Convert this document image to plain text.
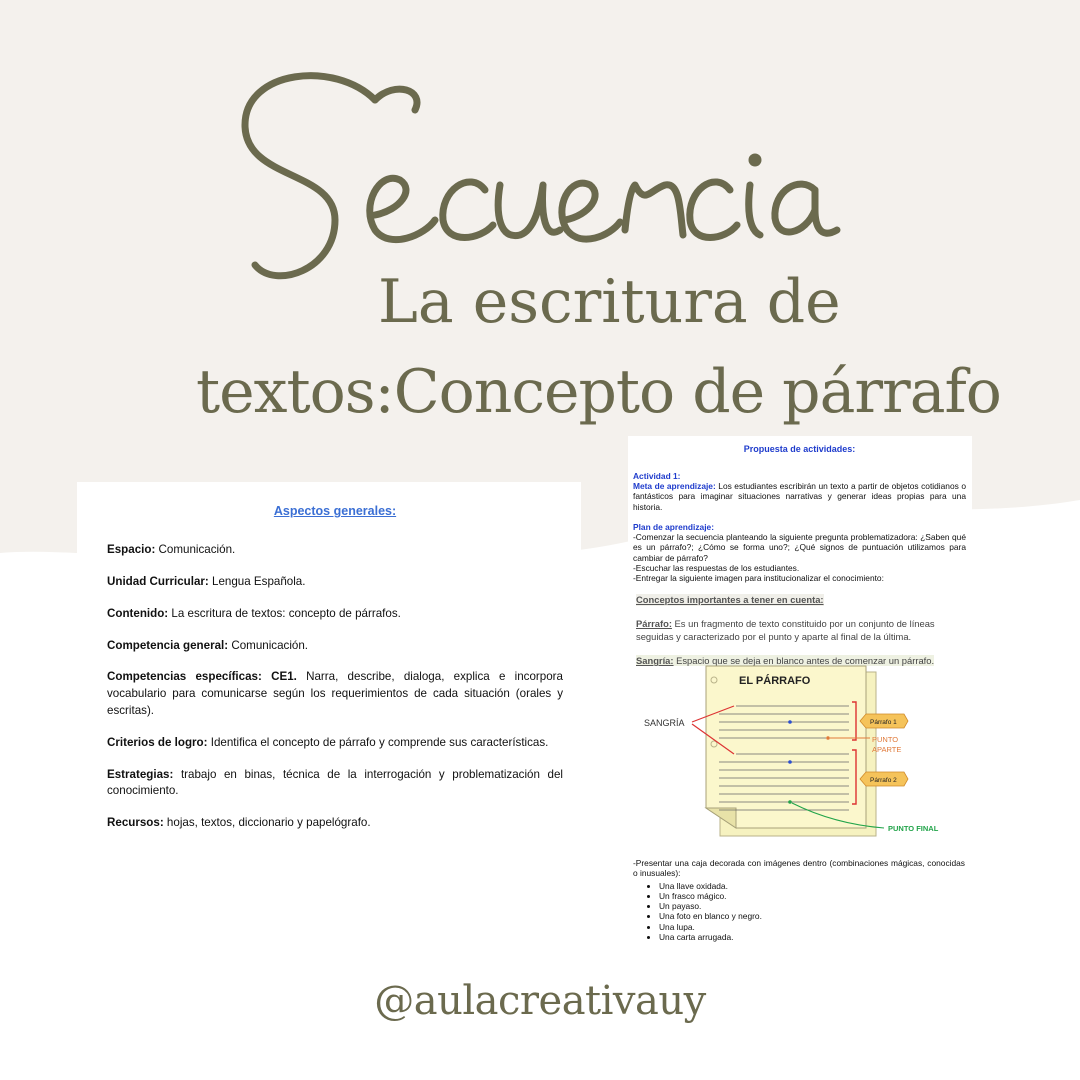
La escritura de
textos:Concepto de párrafo
Aspectos generales:

Espacio: Comunicación.

Unidad Curricular: Lengua Española.

Contenido: La escritura de textos: concepto de párrafos.

Competencia general: Comunicación.

Competencias específicas: CE1. Narra, describe, dialoga, explica e incorpora vocabulario para comunicarse según los requerimientos de cada situación (orales y escritas).

Criterios de logro: Identifica el concepto de párrafo y comprende sus características.

Estrategias: trabajo en binas, técnica de la interrogación y problematización del conocimiento.

Recursos: hojas, textos, diccionario y papelógrafo.

Propuesta de actividades:

Actividad 1:

Meta de aprendizaje: Los estudiantes escribirán un texto a partir de objetos cotidianos o fantásticos para imaginar situaciones narrativas y generar ideas propias para una historia.

Plan de aprendizaje:

-Comenzar la secuencia planteando la siguiente pregunta problematizadora: ¿Saben qué es un párrafo?; ¿Cómo se forma uno?; ¿Qué signos de puntuación utilizamos para cambiar de párrafo?

-Escuchar las respuestas de los estudiantes.

-Entregar la siguiente imagen para institucionalizar el conocimiento:

Conceptos importantes a tener en cuenta:
Párrafo: Es un fragmento de texto constituido por un conjunto de líneas seguidas y caracterizado por el punto y aparte al final de la última.
Sangría: Espacio que se deja en blanco antes de comenzar un párrafo.
EL PÁRRAFO
Párrafo 1
Párrafo 2
SANGRÍA
PUNTO
APARTE
PUNTO FINAL

-Presentar una caja decorada con imágenes dentro (combinaciones mágicas, conocidas o inusuales):

• Una llave oxidada.
• Un frasco mágico.
• Un payaso.
• Una foto en blanco y negro.
• Una lupa.
• Una carta arrugada.
@aulacreativauy
